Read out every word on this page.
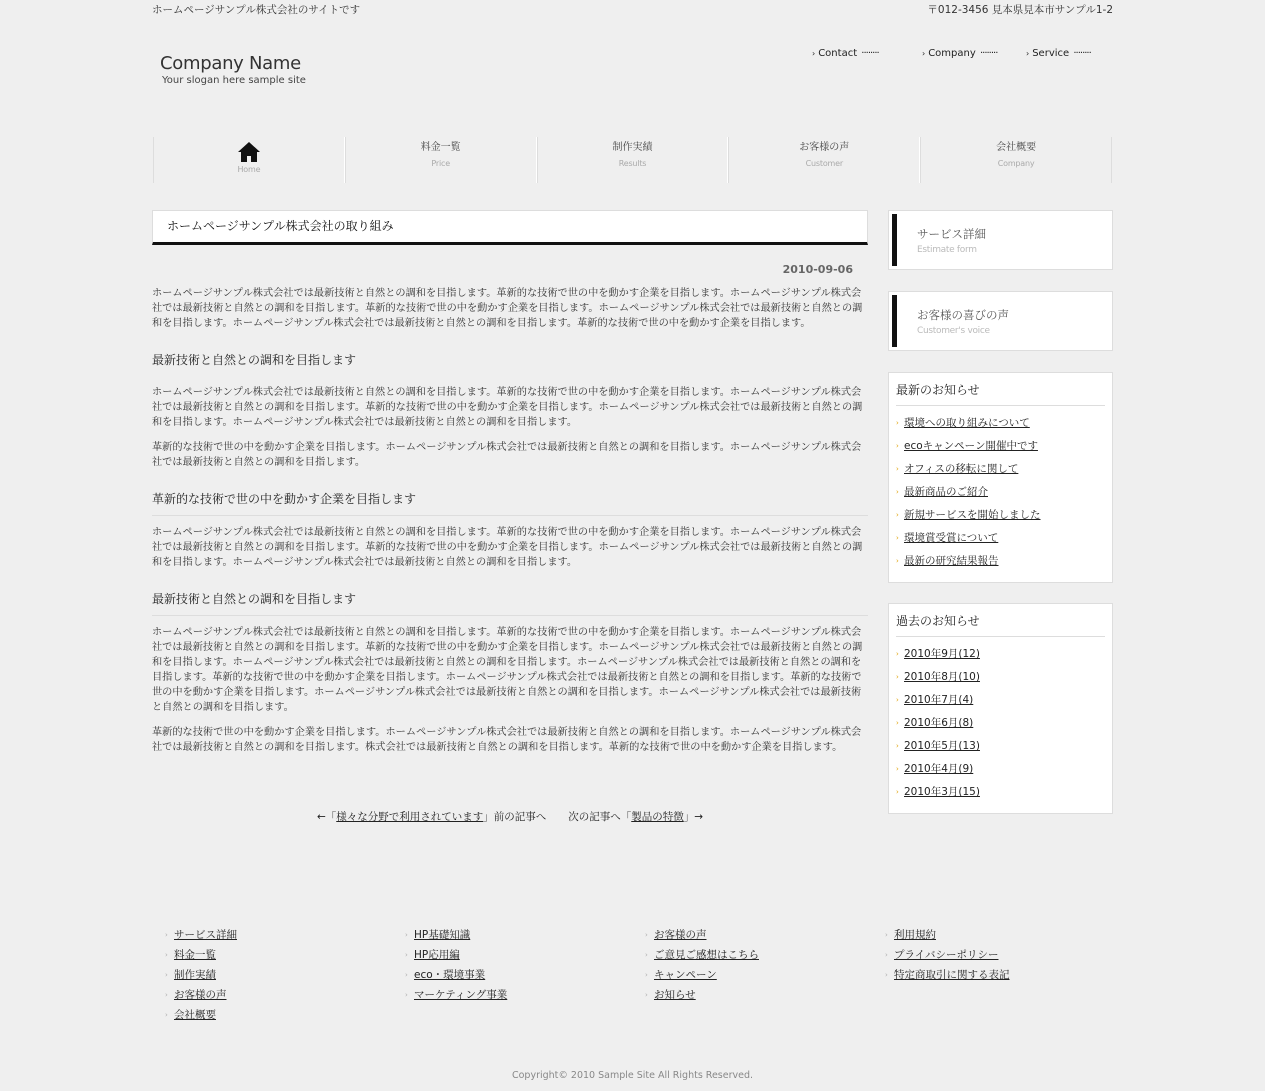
ホームページサンプル株式会社のサイトです	〒012-3456 見本県見本市サンプル1-2
Company Name
Your slogan here sample site
› Contact ········	› Company ········	› Service ········
Home
料金一覧
Price
制作実績
Results
お客様の声
Customer
会社概要
Company
ホームページサンプル株式会社の取り組み
2010-09-06

ホームページサンプル株式会社では最新技術と自然との調和を目指します。革新的な技術で世の中を動かす企業を目指します。ホームページサンプル株式会社では最新技術と自然との調和を目指します。革新的な技術で世の中を動かす企業を目指します。ホームページサンプル株式会社では最新技術と自然との調和を目指します。ホームページサンプル株式会社では最新技術と自然との調和を目指します。革新的な技術で世の中を動かす企業を目指します。

最新技術と自然との調和を目指します

ホームページサンプル株式会社では最新技術と自然との調和を目指します。革新的な技術で世の中を動かす企業を目指します。ホームページサンプル株式会社では最新技術と自然との調和を目指します。革新的な技術で世の中を動かす企業を目指します。ホームページサンプル株式会社では最新技術と自然との調和を目指します。ホームページサンプル株式会社では最新技術と自然との調和を目指します。

革新的な技術で世の中を動かす企業を目指します。ホームページサンプル株式会社では最新技術と自然との調和を目指します。ホームページサンプル株式会社では最新技術と自然との調和を目指します。

革新的な技術で世の中を動かす企業を目指します

ホームページサンプル株式会社では最新技術と自然との調和を目指します。革新的な技術で世の中を動かす企業を目指します。ホームページサンプル株式会社では最新技術と自然との調和を目指します。革新的な技術で世の中を動かす企業を目指します。ホームページサンプル株式会社では最新技術と自然との調和を目指します。ホームページサンプル株式会社では最新技術と自然との調和を目指します。

最新技術と自然との調和を目指します

ホームページサンプル株式会社では最新技術と自然との調和を目指します。革新的な技術で世の中を動かす企業を目指します。ホームページサンプル株式会社では最新技術と自然との調和を目指します。革新的な技術で世の中を動かす企業を目指します。ホームページサンプル株式会社では最新技術と自然との調和を目指します。ホームページサンプル株式会社では最新技術と自然との調和を目指します。ホームページサンプル株式会社では最新技術と自然との調和を目指します。革新的な技術で世の中を動かす企業を目指します。ホームページサンプル株式会社では最新技術と自然との調和を目指します。革新的な技術で世の中を動かす企業を目指します。ホームページサンプル株式会社では最新技術と自然との調和を目指します。ホームページサンプル株式会社では最新技術と自然との調和を目指します。

革新的な技術で世の中を動かす企業を目指します。ホームページサンプル株式会社では最新技術と自然との調和を目指します。ホームページサンプル株式会社では最新技術と自然との調和を目指します。株式会社では最新技術と自然との調和を目指します。革新的な技術で世の中を動かす企業を目指します。

←「様々な分野で利用されています」前の記事へ 次の記事へ「製品の特徴」→
サービス詳細
Estimate form
お客様の喜びの声
Customer's voice
最新のお知らせ
› 環境への取り組みについて
› ecoキャンペーン開催中です
› オフィスの移転に関して
› 最新商品のご紹介
› 新規サービスを開始しました
› 環境賞受賞について
› 最新の研究結果報告
過去のお知らせ
› 2010年9月(12)
› 2010年8月(10)
› 2010年7月(4)
› 2010年6月(8)
› 2010年5月(13)
› 2010年4月(9)
› 2010年3月(15)
› サービス詳細
› 料金一覧
› 制作実績
› お客様の声
› 会社概要
› HP基礎知識
› HP応用編
› eco・環境事業
› マーケティング事業
› お客様の声
› ご意見ご感想はこちら
› キャンペーン
› お知らせ
› 利用規約
› プライバシーポリシー
› 特定商取引に関する表記
Copyright© 2010 Sample Site All Rights Reserved.
